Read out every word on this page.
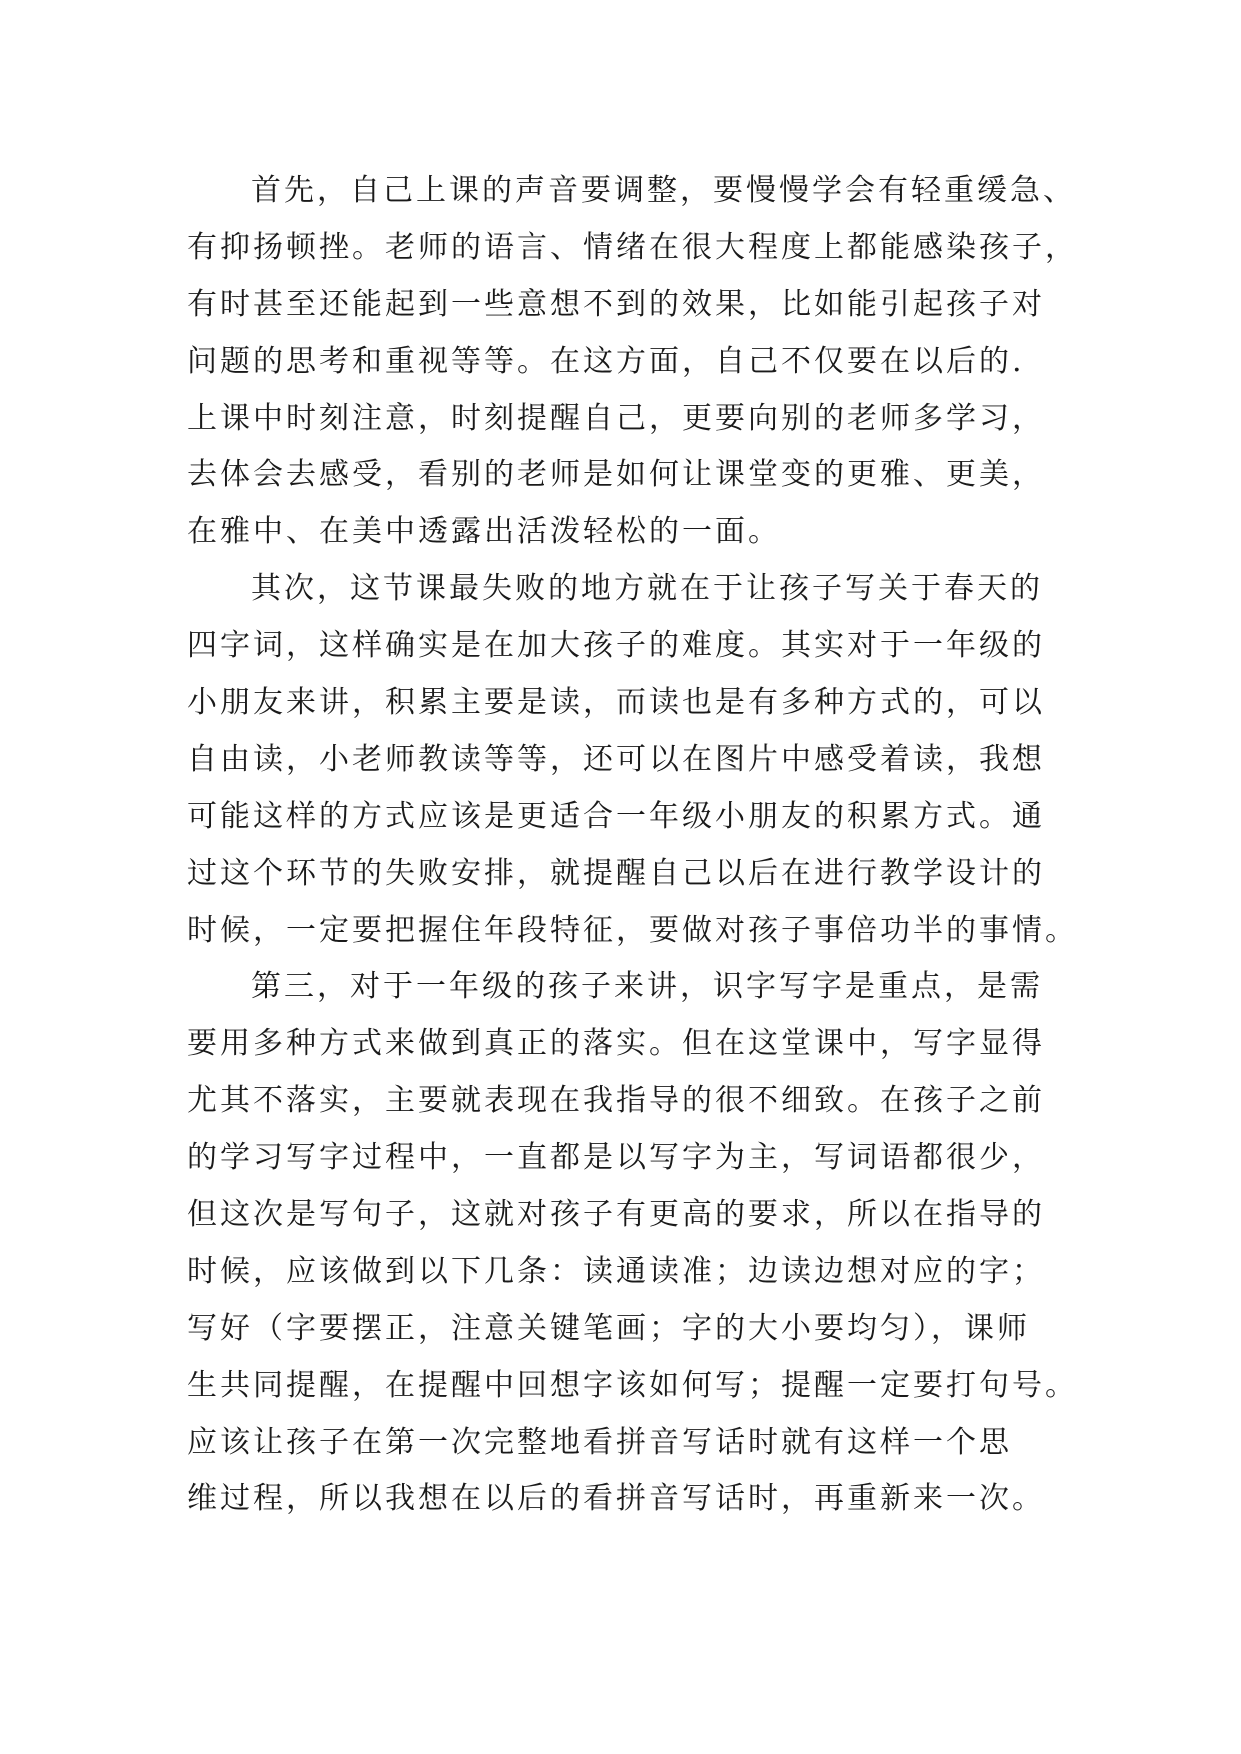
首先，自己上课的声音要调整，要慢慢学会有轻重缓急、
有抑扬顿挫。老师的语言、情绪在很大程度上都能感染孩子，
有时甚至还能起到一些意想不到的效果，比如能引起孩子对
问题的思考和重视等等。在这方面，自己不仅要在以后的.
上课中时刻注意，时刻提醒自己，更要向别的老师多学习，
去体会去感受，看别的老师是如何让课堂变的更雅、更美，
在雅中、在美中透露出活泼轻松的一面。
其次，这节课最失败的地方就在于让孩子写关于春天的
四字词，这样确实是在加大孩子的难度。其实对于一年级的
小朋友来讲，积累主要是读，而读也是有多种方式的，可以
自由读，小老师教读等等，还可以在图片中感受着读，我想
可能这样的方式应该是更适合一年级小朋友的积累方式。通
过这个环节的失败安排，就提醒自己以后在进行教学设计的
时候，一定要把握住年段特征，要做对孩子事倍功半的事情。
第三，对于一年级的孩子来讲，识字写字是重点，是需
要用多种方式来做到真正的落实。但在这堂课中，写字显得
尤其不落实，主要就表现在我指导的很不细致。在孩子之前
的学习写字过程中，一直都是以写字为主，写词语都很少，
但这次是写句子，这就对孩子有更高的要求，所以在指导的
时候，应该做到以下几条：读通读准；边读边想对应的字；
写好（字要摆正，注意关键笔画；字的大小要均匀），课师
生共同提醒，在提醒中回想字该如何写；提醒一定要打句号。
应该让孩子在第一次完整地看拼音写话时就有这样一个思
维过程，所以我想在以后的看拼音写话时，再重新来一次。
